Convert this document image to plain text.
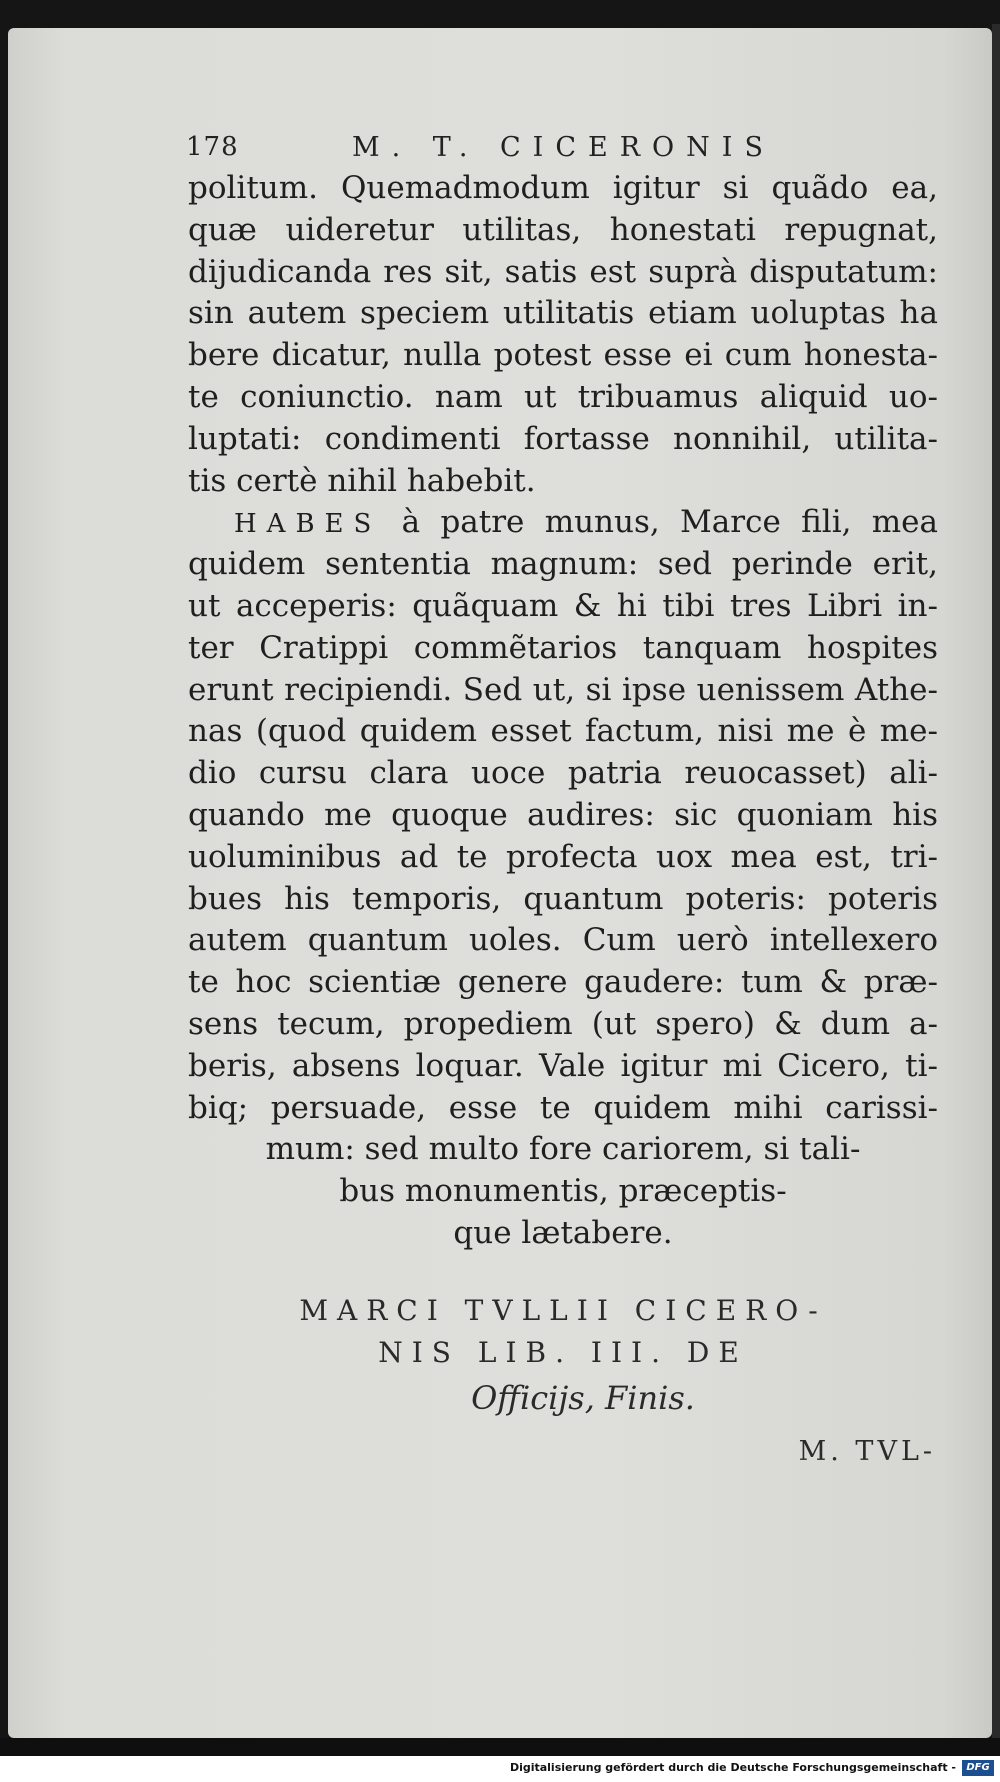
178	M. T. CICERONIS
politum. Quemadmodum igitur si quãdo ea,
quæ uideretur utilitas, honestati repugnat,
dijudicanda res sit, satis est suprà disputatum:
sin autem speciem utilitatis etiam uoluptas ha
bere dicatur, nulla potest esse ei cum honesta-
te coniunctio. nam ut tribuamus aliquid uo-
luptati: condimenti fortasse nonnihil, utilita-
tis certè nihil habebit.
HABES à patre munus, Marce fili, mea
quidem sententia magnum: sed perinde erit,
ut acceperis: quãquam & hi tibi tres Libri in-
ter Cratippi commẽtarios tanquam hospites
erunt recipiendi. Sed ut, si ipse uenissem Athe-
nas (quod quidem esset factum, nisi me è me-
dio cursu clara uoce patria reuocasset) ali-
quando me quoque audires: sic quoniam his
uoluminibus ad te profecta uox mea est, tri-
bues his temporis, quantum poteris: poteris
autem quantum uoles. Cum uerò intellexero
te hoc scientiæ genere gaudere: tum & præ-
sens tecum, propediem (ut spero) & dum a-
beris, absens loquar. Vale igitur mi Cicero, ti-
biq; persuade, esse te quidem mihi carissi-
mum: sed multo fore cariorem, si tali-
bus monumentis, præceptis-
que lætabere.
MARCI TVLLII CICERO-
NIS LIB. III. DE
Officijs, Finis.
M. TVL-
Digitalisierung gefördert durch die Deutsche Forschungsgemeinschaft -	DFG
